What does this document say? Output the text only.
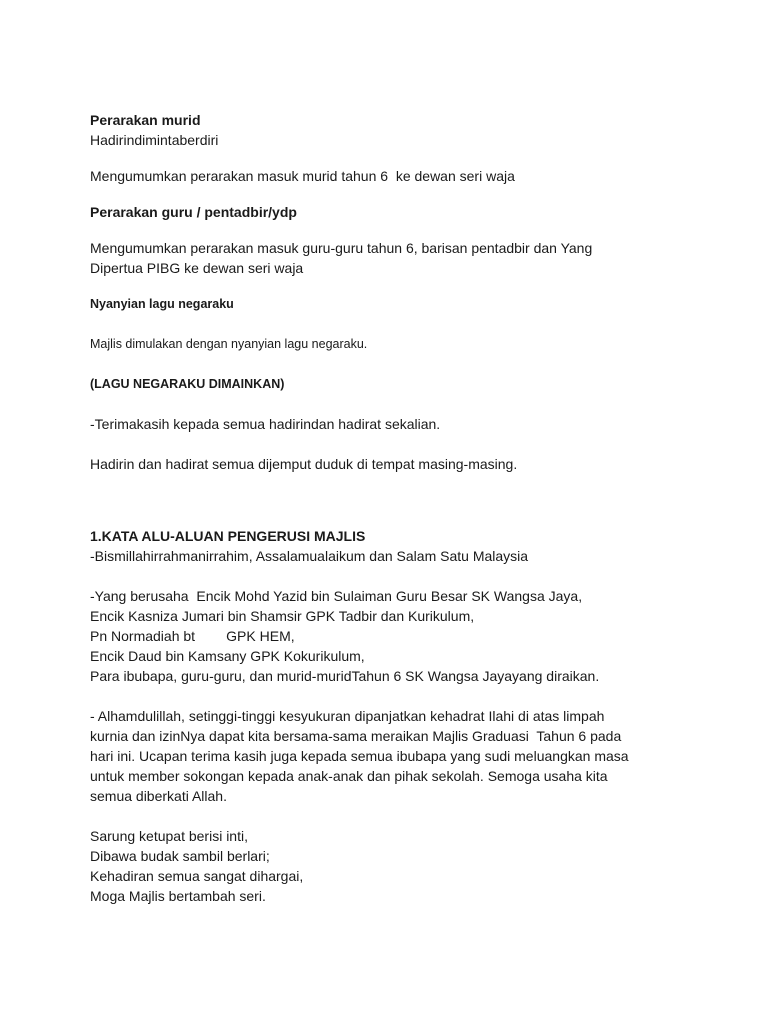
Perarakan murid

Hadirindimintaberdiri

Mengumumkan perarakan masuk murid tahun 6  ke dewan seri waja

Perarakan guru / pentadbir/ydp

Mengumumkan perarakan masuk guru-guru tahun 6, barisan pentadbir dan Yang

Dipertua PIBG ke dewan seri waja

Nyanyian lagu negaraku

Majlis dimulakan dengan nyanyian lagu negaraku.

(LAGU NEGARAKU DIMAINKAN)

-Terimakasih kepada semua hadirindan hadirat sekalian.

Hadirin dan hadirat semua dijemput duduk di tempat masing-masing.

1.KATA ALU-ALUAN PENGERUSI MAJLIS

-Bismillahirrahmanirrahim, Assalamualaikum dan Salam Satu Malaysia

-Yang berusaha  Encik Mohd Yazid bin Sulaiman Guru Besar SK Wangsa Jaya,

Encik Kasniza Jumari bin Shamsir GPK Tadbir dan Kurikulum,

Pn Normadiah bt        GPK HEM,

Encik Daud bin Kamsany GPK Kokurikulum,

Para ibubapa, guru-guru, dan murid-muridTahun 6 SK Wangsa Jayayang diraikan.

- Alhamdulillah, setinggi-tinggi kesyukuran dipanjatkan kehadrat Ilahi di atas limpah

kurnia dan izinNya dapat kita bersama-sama meraikan Majlis Graduasi  Tahun 6 pada

hari ini. Ucapan terima kasih juga kepada semua ibubapa yang sudi meluangkan masa

untuk member sokongan kepada anak-anak dan pihak sekolah. Semoga usaha kita

semua diberkati Allah.

Sarung ketupat berisi inti,

Dibawa budak sambil berlari;

Kehadiran semua sangat dihargai,

Moga Majlis bertambah seri.
